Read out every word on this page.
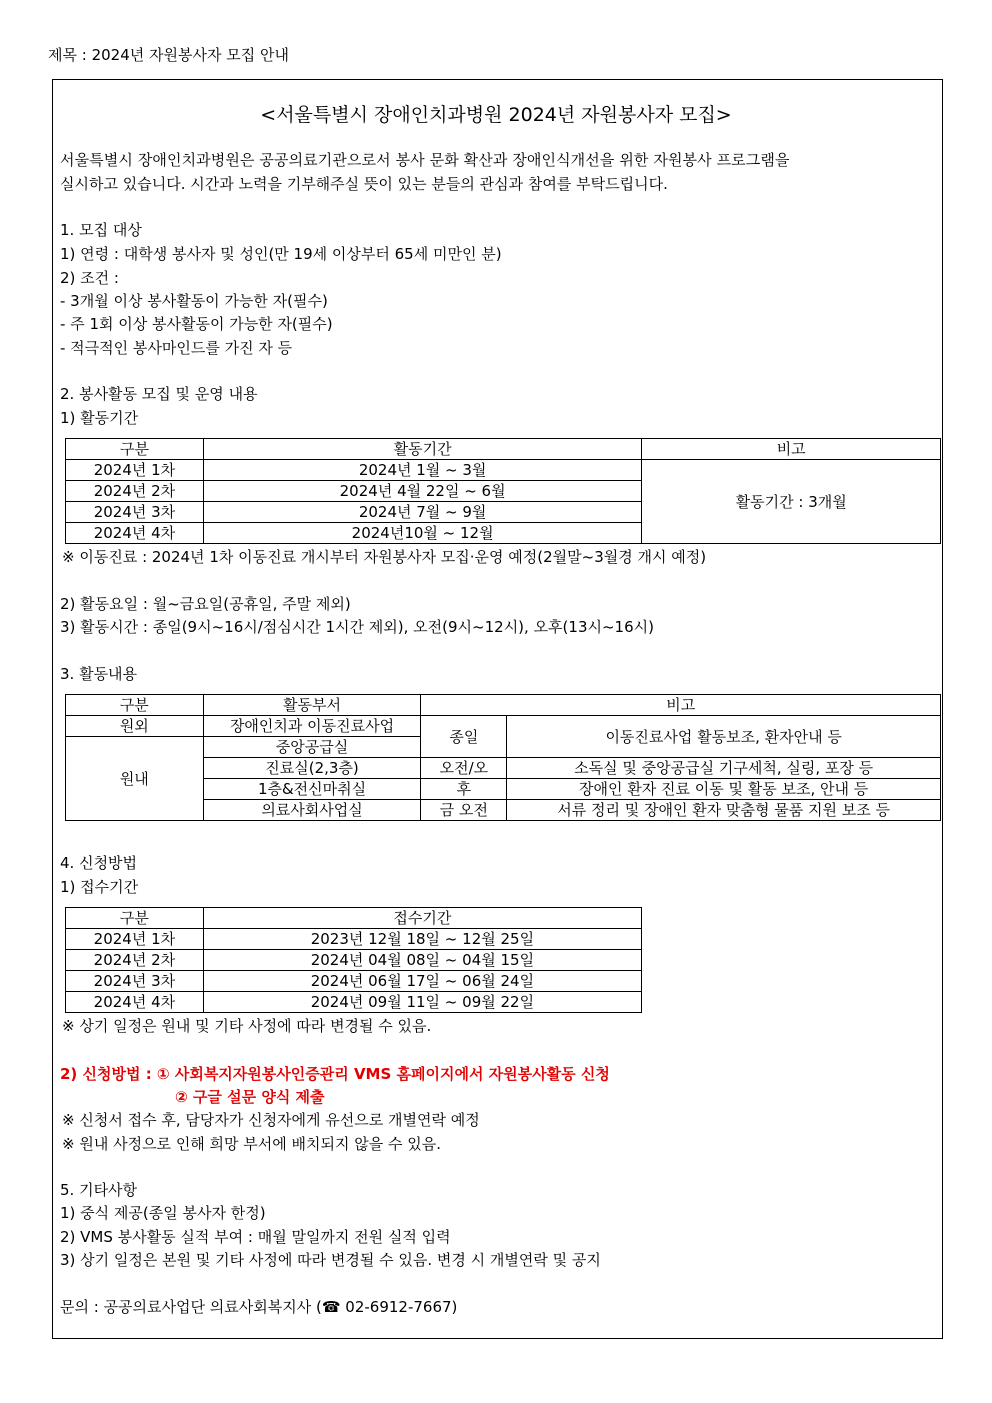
제목 : 2024년 자원봉사자 모집 안내
<서울특별시 장애인치과병원 2024년 자원봉사자 모집>
서울특별시 장애인치과병원은 공공의료기관으로서 봉사 문화 확산과 장애인식개선을 위한 자원봉사 프로그램을
실시하고 있습니다. 시간과 노력을 기부해주실 뜻이 있는 분들의 관심과 참여를 부탁드립니다.
1. 모집 대상
1) 연령 : 대학생 봉사자 및 성인(만 19세 이상부터 65세 미만인 분)
2) 조건 :
- 3개월 이상 봉사활동이 가능한 자(필수)
- 주 1회 이상 봉사활동이 가능한 자(필수)
- 적극적인 봉사마인드를 가진 자 등
2. 봉사활동 모집 및 운영 내용
1) 활동기간
구분	활동기간	비고
2024년 1차	2024년 1월 ~ 3월	활동기간 : 3개월
2024년 2차	2024년 4월 22일 ~ 6월	
2024년 3차	2024년 7월 ~ 9월	
2024년 4차	2024년10월 ~ 12월	
※ 이동진료 : 2024년 1차 이동진료 개시부터 자원봉사자 모집·운영 예정(2월말~3월경 개시 예정)
2) 활동요일 : 월~금요일(공휴일, 주말 제외)
3) 활동시간 : 종일(9시~16시/점심시간 1시간 제외), 오전(9시~12시), 오후(13시~16시)
3. 활동내용
구분	활동부서	비고	
원외	장애인치과 이동진료사업	종일	이동진료사업 활동보조, 환자안내 등
원내	중앙공급실		
	진료실(2,3층)	오전/오	소독실 및 중앙공급실 기구세척, 실링, 포장 등
	1층&전신마취실	후	장애인 환자 진료 이동 및 활동 보조, 안내 등
	의료사회사업실	금 오전	서류 정리 및 장애인 환자 맞춤형 물품 지원 보조 등
4. 신청방법
1) 접수기간
구분	접수기간
2024년 1차	2023년 12월 18일 ~ 12월 25일
2024년 2차	2024년 04월 08일 ~ 04월 15일
2024년 3차	2024년 06월 17일 ~ 06월 24일
2024년 4차	2024년 09월 11일 ~ 09월 22일
※ 상기 일정은 원내 및 기타 사정에 따라 변경될 수 있음.
2) 신청방법 : ① 사회복지자원봉사인증관리 VMS 홈페이지에서 자원봉사활동 신청
② 구글 설문 양식 제출
※ 신청서 접수 후, 담당자가 신청자에게 유선으로 개별연락 예정
※ 원내 사정으로 인해 희망 부서에 배치되지 않을 수 있음.
5. 기타사항
1) 중식 제공(종일 봉사자 한정)
2) VMS 봉사활동 실적 부여 : 매월 말일까지 전원 실적 입력
3) 상기 일정은 본원 및 기타 사정에 따라 변경될 수 있음. 변경 시 개별연락 및 공지
문의 : 공공의료사업단 의료사회복지사 (☎ 02-6912-7667)
